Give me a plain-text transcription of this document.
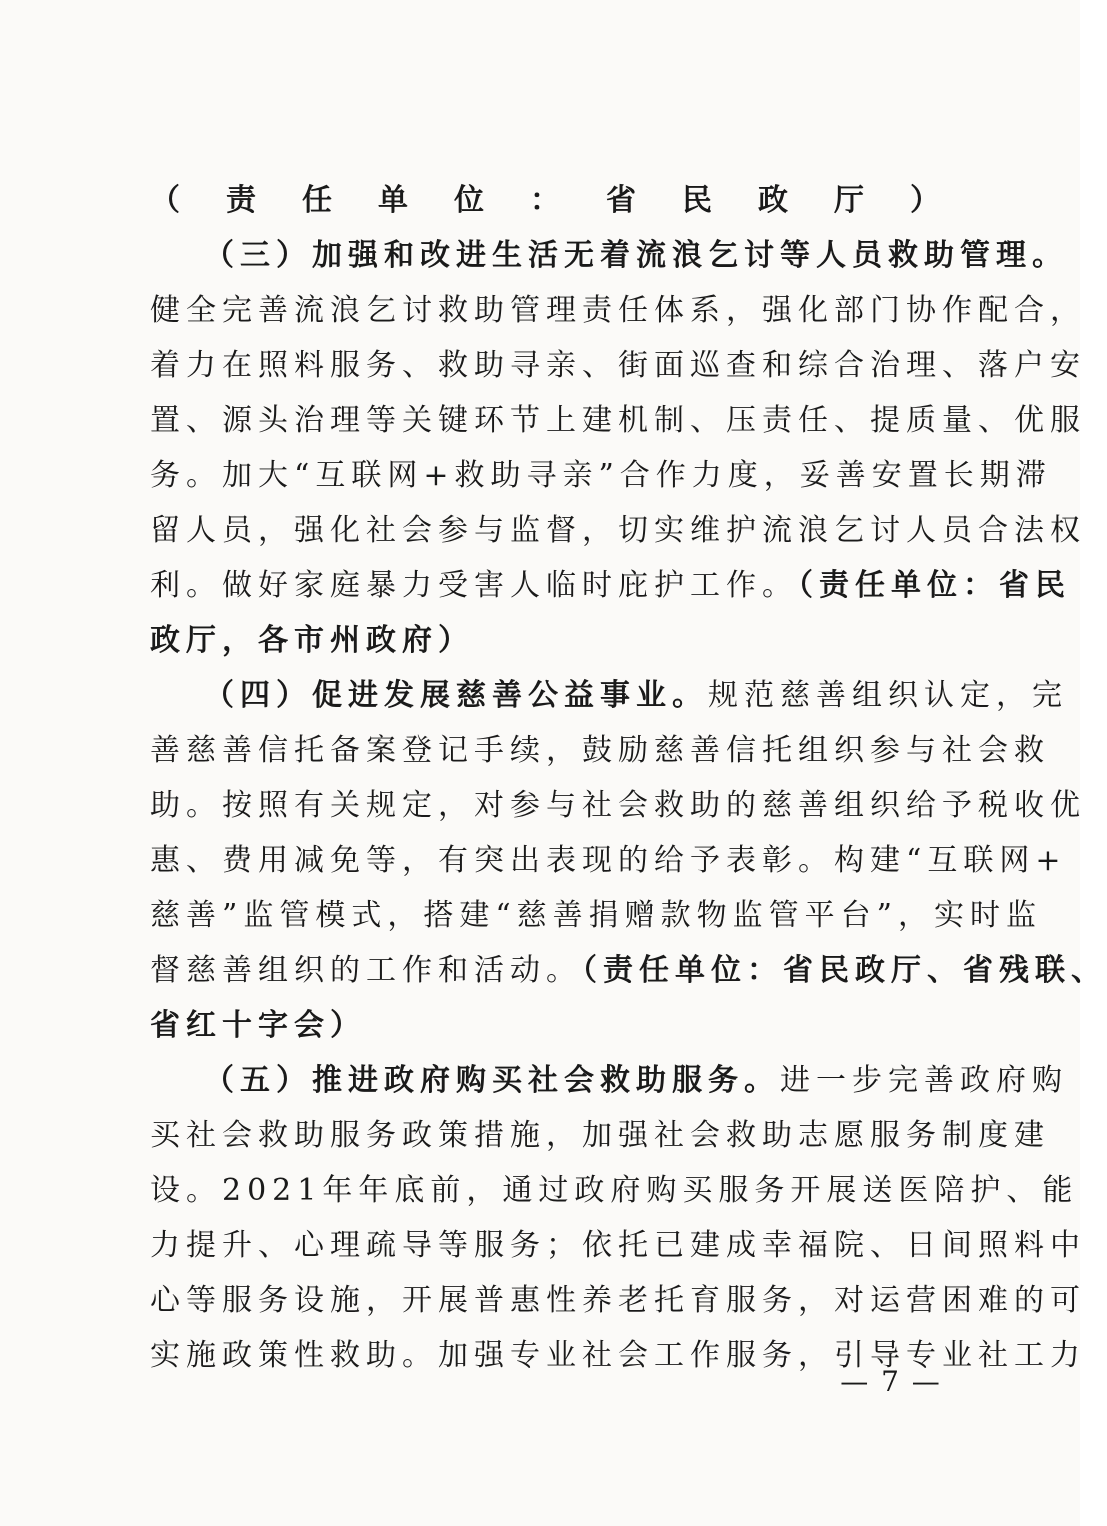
（责任单位：省民政厅）
（三）加强和改进生活无着流浪乞讨等人员救助管理。
健全完善流浪乞讨救助管理责任体系，强化部门协作配合，
着力在照料服务、救助寻亲、街面巡查和综合治理、落户安
置、源头治理等关键环节上建机制、压责任、提质量、优服
务。加大“互联网+救助寻亲”合作力度，妥善安置长期滞
留人员，强化社会参与监督，切实维护流浪乞讨人员合法权
利。做好家庭暴力受害人临时庇护工作。（责任单位：省民
政厅，各市州政府）
（四）促进发展慈善公益事业。规范慈善组织认定，完
善慈善信托备案登记手续，鼓励慈善信托组织参与社会救
助。按照有关规定，对参与社会救助的慈善组织给予税收优
惠、费用减免等，有突出表现的给予表彰。构建“互联网+
慈善”监管模式，搭建“慈善捐赠款物监管平台”，实时监
督慈善组织的工作和活动。（责任单位：省民政厅、省残联、
省红十字会）
（五）推进政府购买社会救助服务。进一步完善政府购
买社会救助服务政策措施，加强社会救助志愿服务制度建
设。2021年年底前，通过政府购买服务开展送医陪护、能
力提升、心理疏导等服务；依托已建成幸福院、日间照料中
心等服务设施，开展普惠性养老托育服务，对运营困难的可
实施政策性救助。加强专业社会工作服务，引导专业社工力
— 7 —
